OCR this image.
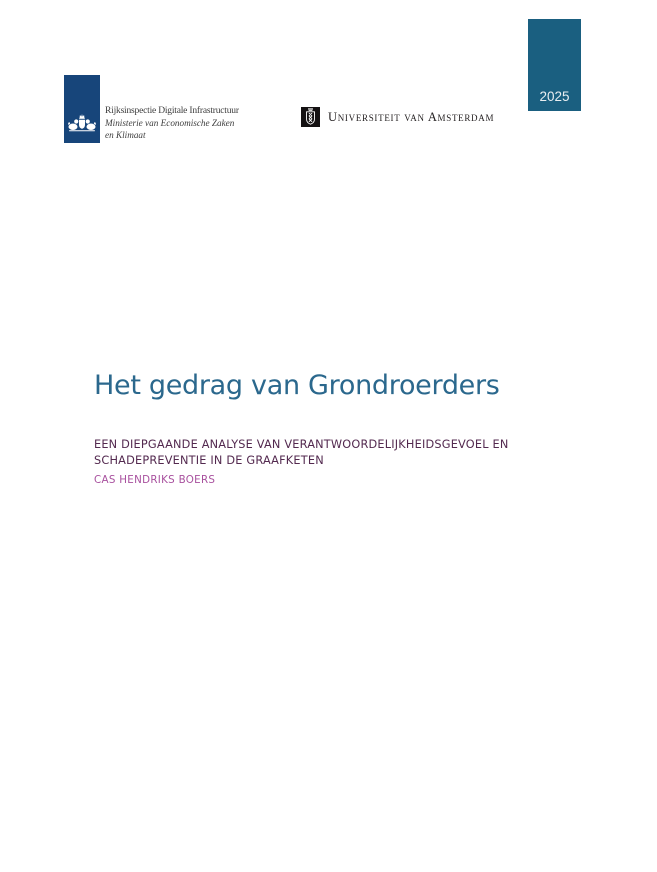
2025
Rijksinspectie Digitale Infrastructuur
Ministerie van Economische Zaken
en Klimaat
Universiteit van Amsterdam
Het gedrag van Grondroerders
EEN DIEPGAANDE ANALYSE VAN VERANTWOORDELIJKHEIDSGEVOEL EN
SCHADEPREVENTIE IN DE GRAAFKETEN
CAS HENDRIKS BOERS
